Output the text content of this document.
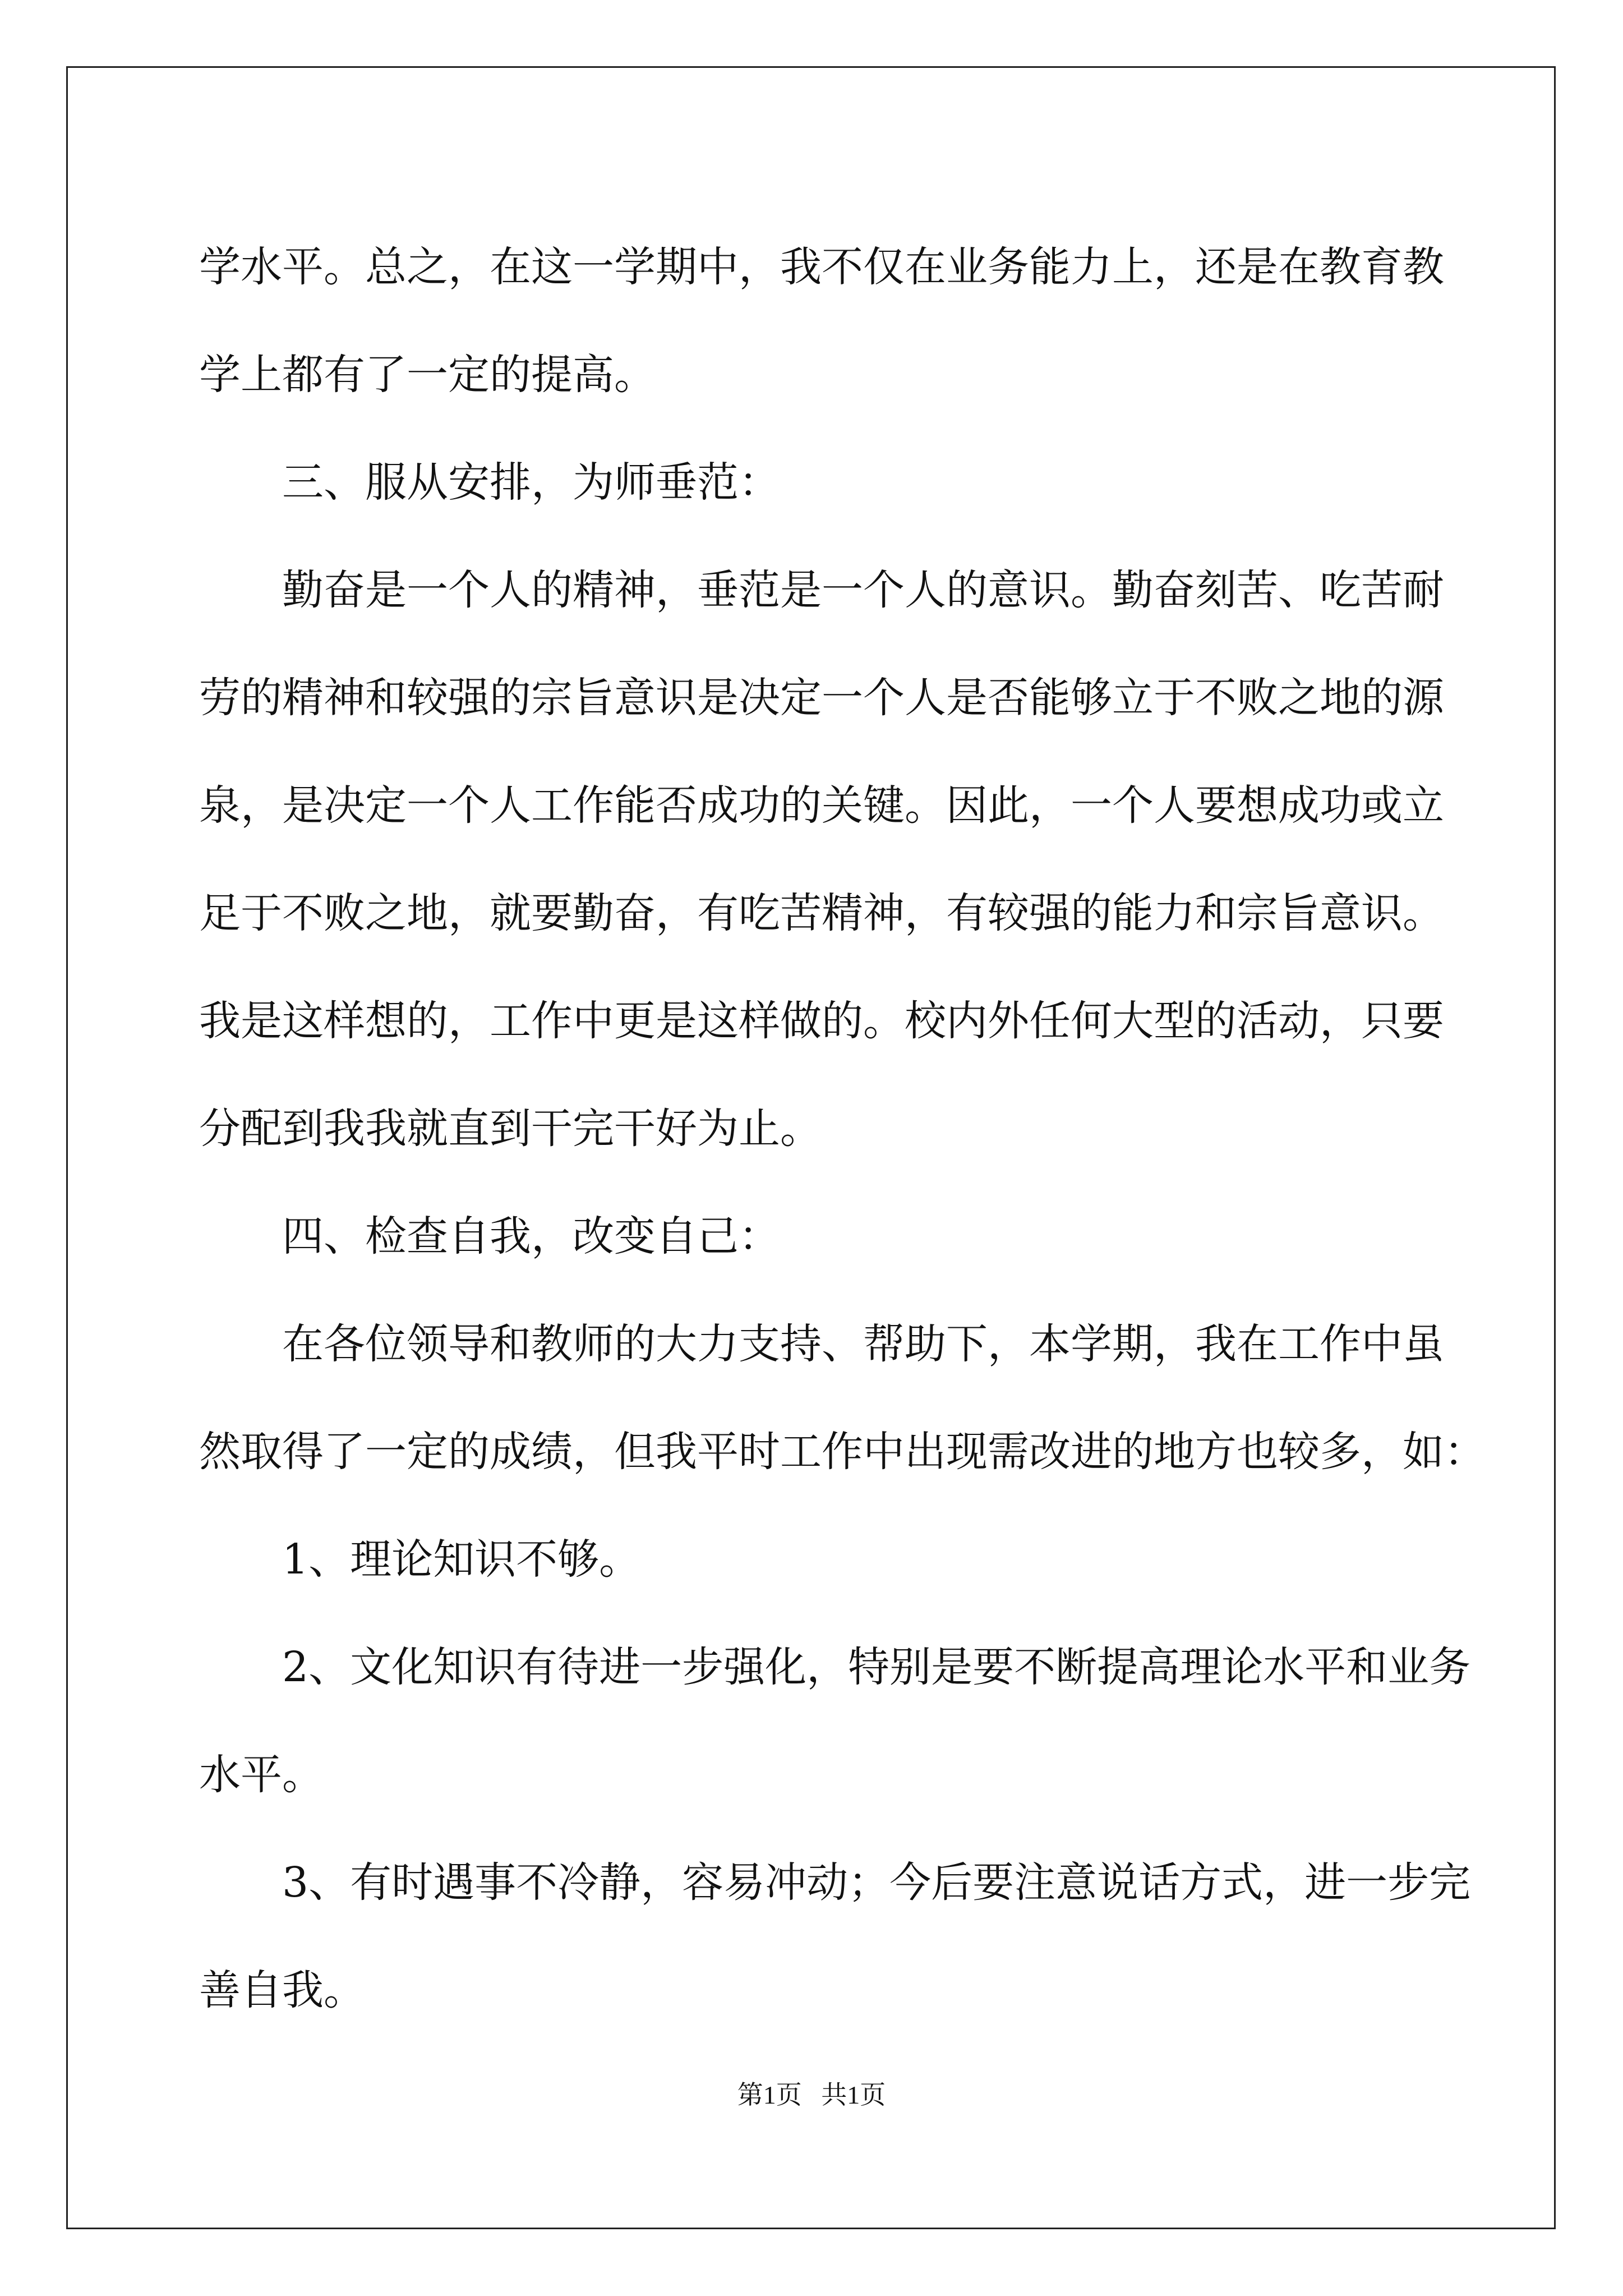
学水平。总之，在这一学期中，我不仅在业务能力上，还是在教育教
学上都有了一定的提高。
三、服从安排，为师垂范：
勤奋是一个人的精神，垂范是一个人的意识。勤奋刻苦、吃苦耐
劳的精神和较强的宗旨意识是决定一个人是否能够立于不败之地的源
泉，是决定一个人工作能否成功的关键。因此，一个人要想成功或立
足于不败之地，就要勤奋，有吃苦精神，有较强的能力和宗旨意识。
我是这样想的，工作中更是这样做的。校内外任何大型的活动，只要
分配到我我就直到干完干好为止。
四、检查自我，改变自己：
在各位领导和教师的大力支持、帮助下，本学期，我在工作中虽
然取得了一定的成绩，但我平时工作中出现需改进的地方也较多，如：
1、理论知识不够。
2、文化知识有待进一步强化，特别是要不断提高理论水平和业务
水平。
3、有时遇事不冷静，容易冲动；今后要注意说话方式，进一步完
善自我。
第1页 共1页
